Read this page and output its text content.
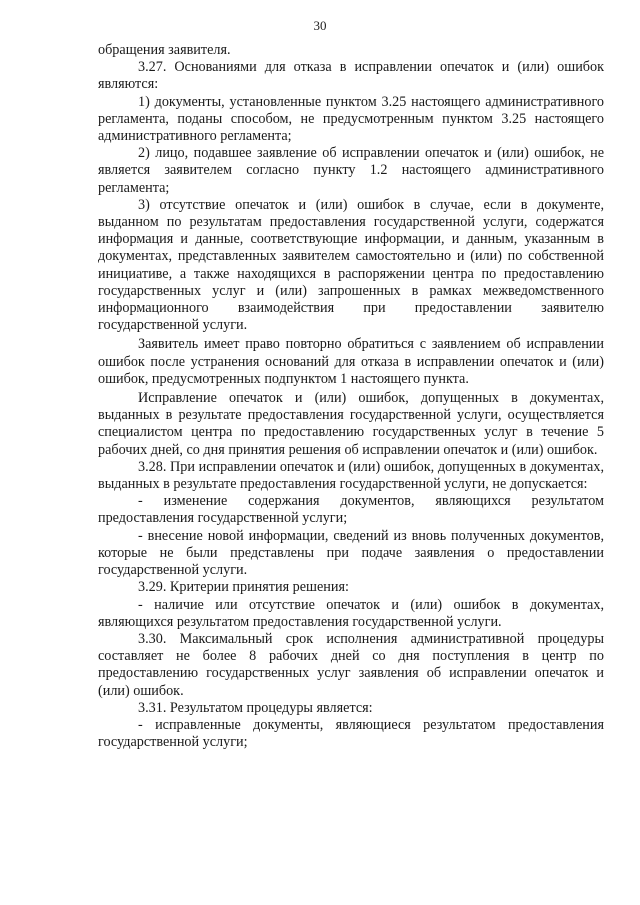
30

обращения заявителя.

3.27. Основаниями для отказа в исправлении опечаток и (или) ошибок являются:

1) документы, установленные пунктом 3.25 настоящего административного регламента, поданы способом, не предусмотренным пунктом 3.25 настоящего административного регламента;

2) лицо, подавшее заявление об исправлении опечаток и (или) ошибок, не является заявителем согласно пункту 1.2 настоящего административного регламента;

3) отсутствие опечаток и (или) ошибок в случае, если в документе, выданном по результатам предоставления государственной услуги, содержатся информация и данные, соответствующие информации, и данным, указанным в документах, представленных заявителем самостоятельно и (или) по собственной инициативе, а также находящихся в распоряжении центра по предоставлению государственных услуг и (или) запрошенных в рамках межведомственного информационного взаимодействия при предоставлении заявителю государственной услуги.

Заявитель имеет право повторно обратиться с заявлением об исправлении ошибок после устранения оснований для отказа в исправлении опечаток и (или) ошибок, предусмотренных подпунктом 1 настоящего пункта.

Исправление опечаток и (или) ошибок, допущенных в документах, выданных в результате предоставления государственной услуги, осуществляется специалистом центра по предоставлению государственных услуг в течение 5 рабочих дней, со дня принятия решения об исправлении опечаток и (или) ошибок.

3.28. При исправлении опечаток и (или) ошибок, допущенных в документах, выданных в результате предоставления государственной услуги, не допускается:

- изменение содержания документов, являющихся результатом предоставления государственной услуги;

- внесение новой информации, сведений из вновь полученных документов, которые не были представлены при подаче заявления о предоставлении государственной услуги.

3.29. Критерии принятия решения:

- наличие или отсутствие опечаток и (или) ошибок в документах, являющихся результатом предоставления государственной услуги.

3.30. Максимальный срок исполнения административной процедуры составляет не более 8 рабочих дней со дня поступления в центр по предоставлению государственных услуг заявления об исправлении опечаток и (или) ошибок.

3.31. Результатом процедуры является:

- исправленные документы, являющиеся результатом предоставления государственной услуги;
